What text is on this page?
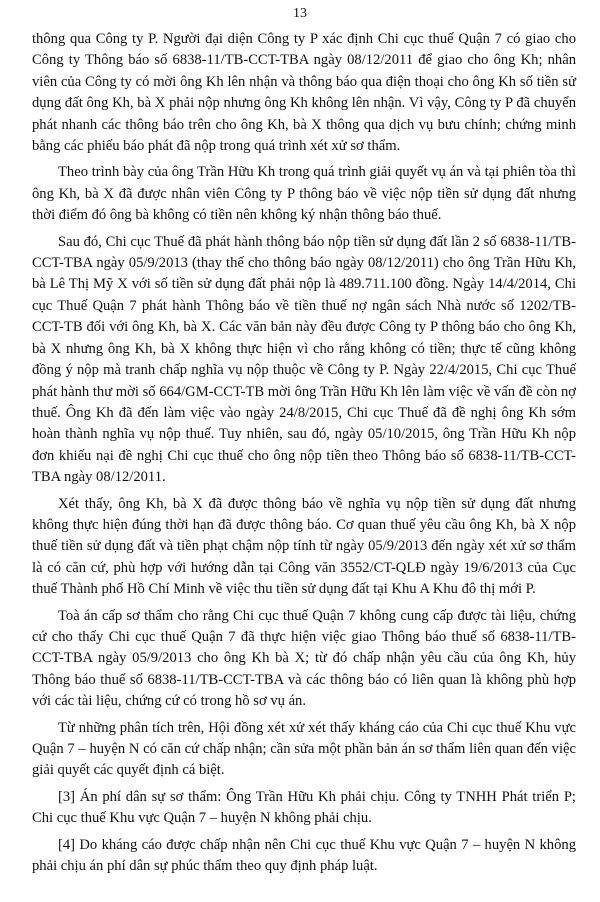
13

thông qua Công ty P. Người đại diện Công ty P xác định Chi cục thuế Quận 7 có giao cho Công ty Thông báo số 6838-11/TB-CCT-TBA ngày 08/12/2011 để giao cho ông Kh; nhân viên của Công ty có mời ông Kh lên nhận và thông báo qua điện thoại cho ông Kh số tiền sử dụng đất ông Kh, bà X phải nộp nhưng ông Kh không lên nhận. Vì vậy, Công ty P đã chuyển phát nhanh các thông báo trên cho ông Kh, bà X thông qua dịch vụ bưu chính; chứng minh bằng các phiếu báo phát đã nộp trong quá trình xét xử sơ thẩm.

Theo trình bày của ông Trần Hữu Kh trong quá trình giải quyết vụ án và tại phiên tòa thì ông Kh, bà X đã được nhân viên Công ty P thông báo về việc nộp tiền sử dụng đất nhưng thời điểm đó ông bà không có tiền nên không ký nhận thông báo thuế.

Sau đó, Chi cục Thuế đã phát hành thông báo nộp tiền sử dụng đất lần 2 số 6838-11/TB-CCT-TBA ngày 05/9/2013 (thay thế cho thông báo ngày 08/12/2011) cho ông Trần Hữu Kh, bà Lê Thị Mỹ X với số tiền sử dụng đất phải nộp là 489.711.100 đồng. Ngày 14/4/2014, Chi cục Thuế Quận 7 phát hành Thông báo về tiền thuế nợ ngân sách Nhà nước số 1202/TB-CCT-TB đối với ông Kh, bà X. Các văn bản này đều được Công ty P thông báo cho ông Kh, bà X nhưng ông Kh, bà X không thực hiện vì cho rằng không có tiền; thực tế cũng không đồng ý nộp mà tranh chấp nghĩa vụ nộp thuộc về Công ty P. Ngày 22/4/2015, Chi cục Thuế phát hành thư mời số 664/GM-CCT-TB mời ông Trần Hữu Kh lên làm việc về vấn đề còn nợ thuế. Ông Kh đã đến làm việc vào ngày 24/8/2015, Chi cục Thuế đã đề nghị ông Kh sớm hoàn thành nghĩa vụ nộp thuế. Tuy nhiên, sau đó, ngày 05/10/2015, ông Trần Hữu Kh nộp đơn khiếu nại đề nghị Chi cục thuế cho ông nộp tiền theo Thông báo số 6838-11/TB-CCT-TBA ngày 08/12/2011.

Xét thấy, ông Kh, bà X đã được thông báo về nghĩa vụ nộp tiền sử dụng đất nhưng không thực hiện đúng thời hạn đã được thông báo. Cơ quan thuế yêu cầu ông Kh, bà X nộp thuế tiền sử dụng đất và tiền phạt chậm nộp tính từ ngày 05/9/2013 đến ngày xét xử sơ thẩm là có căn cứ, phù hợp với hướng dẫn tại Công văn 3552/CT-QLĐ ngày 19/6/2013 của Cục thuế Thành phố Hồ Chí Minh về việc thu tiền sử dụng đất tại Khu A Khu đô thị mới P.

Toà án cấp sơ thẩm cho rằng Chi cục thuế Quận 7 không cung cấp được tài liệu, chứng cứ cho thấy Chi cục thuế Quận 7 đã thực hiện việc giao Thông báo thuế số 6838-11/TB-CCT-TBA ngày 05/9/2013 cho ông Kh bà X; từ đó chấp nhận yêu cầu của ông Kh, hủy Thông báo thuế số 6838-11/TB-CCT-TBA và các thông báo có liên quan là không phù hợp với các tài liệu, chứng cứ có trong hồ sơ vụ án.

Từ những phân tích trên, Hội đồng xét xử xét thấy kháng cáo của Chi cục thuế Khu vực Quận 7 – huyện N có căn cứ chấp nhận; cần sửa một phần bản án sơ thẩm liên quan đến việc giải quyết các quyết định cá biệt.

[3] Án phí dân sự sơ thẩm: Ông Trần Hữu Kh phải chịu. Công ty TNHH Phát triển P; Chi cục thuế Khu vực Quận 7 – huyện N không phải chịu.

[4] Do kháng cáo được chấp nhận nên Chi cục thuế Khu vực Quận 7 – huyện N không phải chịu án phí dân sự phúc thẩm theo quy định pháp luật.
